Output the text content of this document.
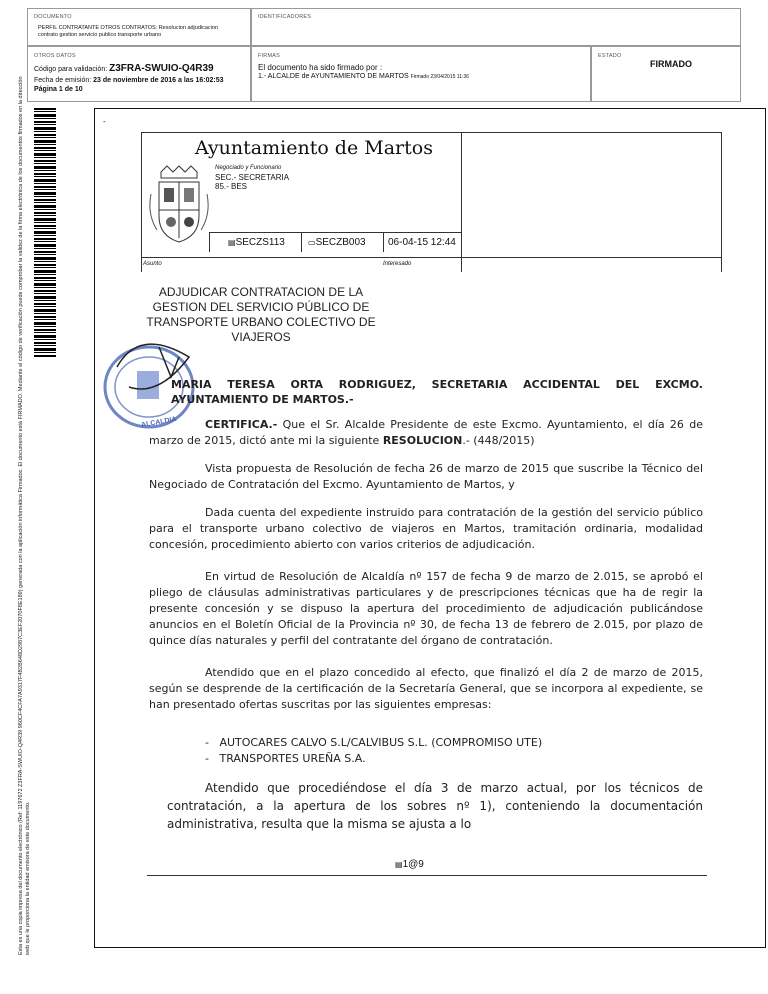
DOCUMENTO
PERFIL CONTRATANTE OTROS CONTRATOS: Resolucion adjudicacion contrato gestion servicio publico transporte urbano
IDENTIFICADORES
OTROS DATOS
Código para validación: Z3FRA-SWUIO-Q4R39
Fecha de emisión: 23 de noviembre de 2016 a las 16:02:53
Página 1 de 10
FIRMAS
El documento ha sido firmado por :
1.- ALCALDE de AYUNTAMIENTO DE MARTOS Firmado 23/04/2015 11:36
ESTADO
FIRMADO
Esta es una copia impresa del documento electrónico (Ref: 1197672 Z3FRA-SWUIO-Q4R39 960CF4CFA7A9317F4B2B648D2987C3EF2070F8E189) generada con la aplicación informática Firmadoc. El documento está FIRMADO. Mediante el código de verificación puede comprobar la validez de la firma electrónica de los documentos firmados en la dirección web que le proporciona la entidad emisora de este documento.
-
Ayuntamiento de Martos
Negociado y Funcionario
SEC.- SECRETARIA
85.- BES
▤SECZS113	▭SECZB003	06-04-15 12:44
Asunto	Interesado
ADJUDICAR CONTRATACION DE LA
GESTION DEL SERVICIO PÚBLICO DE
TRANSPORTE URBANO COLECTIVO DE
VIAJEROS
ALCALDIA
MARIA TERESA ORTA RODRIGUEZ, SECRETARIA ACCIDENTAL DEL EXCMO. AYUNTAMIENTO DE MARTOS.-
CERTIFICA.- Que el Sr. Alcalde Presidente de este Excmo. Ayuntamiento, el día 26 de marzo de 2015, dictó ante mi la siguiente RESOLUCION.- (448/2015)
Vista propuesta de Resolución de fecha 26 de marzo de 2015 que suscribe la Técnico del Negociado de Contratación del Excmo. Ayuntamiento de Martos, y
Dada cuenta del expediente instruido para contratación de la gestión del servicio público para el transporte urbano colectivo de viajeros en Martos, tramitación ordinaria, modalidad concesión, procedimiento abierto con varios criterios de adjudicación.
En virtud de Resolución de Alcaldía nº 157 de fecha 9 de marzo de 2.015, se aprobó el pliego de cláusulas administrativas particulares y de prescripciones técnicas que ha de regir la presente concesión y se dispuso la apertura del procedimiento de adjudicación publicándose anuncios en el Boletín Oficial de la Provincia nº 30, de fecha 13 de febrero de 2.015, por plazo de quince días naturales y perfil del contratante del órgano de contratación.
Atendido que en el plazo concedido al efecto, que finalizó el día 2 de marzo de 2015, según se desprende de la certificación de la Secretaría General, que se incorpora al expediente, se han presentado ofertas suscritas por las siguientes empresas:
-   AUTOCARES CALVO S.L/CALVIBUS S.L. (COMPROMISO UTE)
-   TRANSPORTES UREÑA S.A.
Atendido que procediéndose el día 3 de marzo actual, por los técnicos de contratación, a la apertura de los sobres nº 1), conteniendo la documentación administrativa, resulta que la misma se ajusta a lo
▤1@9
